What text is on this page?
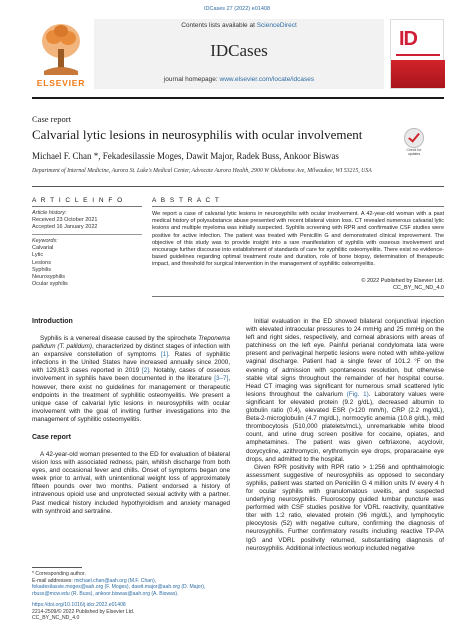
IDCases 27 (2022) e01408
ELSEVIER
Contents lists available at ScienceDirect
IDCases
journal homepage: www.elsevier.com/locate/idcases
ID
Case report
Calvarial lytic lesions in neurosyphilis with ocular involvement
Check for updates
Michael F. Chan *, Fekadesilassie Moges, Dawit Major, Radek Buss, Ankoor Biswas
Department of Internal Medicine, Aurora St. Luke's Medical Center, Advocate Aurora Health, 2900 W Oklahoma Ave, Milwaukee, WI 53215, USA
A R T I C L E I N F O	A B S T R A C T
Article history:
Received 23 October 2021
Accepted 16 January 2022
Keywords:
Calvarial
Lytic
Lesions
Syphilis
Neurosyphilis
Ocular syphilis
We report a case of calvarial lytic lesions in neurosyphilis with ocular involvement. A 42-year-old woman with a past medical history of polysubstance abuse presented with recent bilateral vision loss. CT revealed numerous calvarial lytic lesions and multiple myeloma was initially suspected. Syphilis screening with RPR and confirmative CSF studies were positive for active infection. The patient was treated with Penicillin G and demonstrated clinical improvement. The objective of this study was to provide insight into a rare manifestation of syphilis with osseous involvement and encourage further discourse into establishment of standards of care for syphilitic osteomyelitis. There exist no evidence-based guidelines regarding optimal treatment route and duration, role of bone biopsy, determination of therapeutic impact, and threshold for surgical intervention in the management of syphilitic osteomyelitis.
© 2022 Published by Elsevier Ltd.
CC_BY_NC_ND_4.0
Introduction

Syphilis is a venereal disease caused by the spirochete Treponema pallidum (T. pallidum), characterized by distinct stages of infection with an expansive constellation of symptoms [1]. Rates of syphilitic infections in the United States have increased annually since 2000, with 129,813 cases reported in 2019 [2]. Notably, cases of osseous involvement in syphilis have been documented in the literature [3–7], however, there exist no guidelines for management or therapeutic endpoints in the treatment of syphilitic osteomyelitis. We present a unique case of calvarial lytic lesions in neurosyphilis with ocular involvement with the goal of inviting further investigations into the management of syphilitic osteomyelitis.

Case report

A 42-year-old woman presented to the ED for evaluation of bilateral vision loss with associated redness, pain, whitish discharge from both eyes, and occasional fever and chills. Onset of symptoms began one week prior to arrival, with unintentional weight loss of approximately fifteen pounds over two months. Patient endorsed a history of intravenous opioid use and unprotected sexual activity with a partner. Past medical history included hypothyroidism and anxiety managed with synthroid and sertraline.

Initial evaluation in the ED showed bilateral conjunctival injection with elevated intraocular pressures to 24 mmHg and 25 mmHg on the left and right sides, respectively, and corneal abrasions with areas of patchiness on the left eye. Painful perianal condylomata lata were present and perivaginal herpetic lesions were noted with white-yellow vaginal discharge. Patient had a single fever of 101.2 °F on the evening of admission with spontaneous resolution, but otherwise stable vital signs throughout the remainder of her hospital course. Head CT imaging was significant for numerous small scattered lytic lesions throughout the calvarium (Fig. 1). Laboratory values were significant for elevated protein (9.2 g/dL), decreased albumin to globulin ratio (0.4), elevated ESR (>120 mm/h), CRP (2.2 mg/dL), Beta-2-microglobulin (4.7 mg/dL), normocytic anemia (10.8 g/dL), mild thrombocytosis (510,000 platelets/mcL), unremarkable white blood count, and urine drug screen positive for cocaine, opiates, and amphetamines. The patient was given ceftriaxone, acyclovir, doxycycline, azithromycin, erythromycin eye drops, proparacaine eye drops, and admitted to the hospital.

Given RPR positivity with RPR ratio > 1:256 and ophthalmologic assessment suggestive of neurosyphilis as opposed to secondary syphilis, patient was started on Penicillin G 4 million units IV every 4 h for ocular syphilis with granulomatous uveitis, and suspected underlying neurosyphilis. Fluoroscopy guided lumbar puncture was performed with CSF studies positive for VDRL reactivity, quantitative titer with 1:2 ratio, elevated protein (96 mg/dL), and lymphocytic pleocytosis (52) with negative culture, confirming the diagnosis of neurosyphilis. Further confirmatory results including reactive TP-PA IgG and VDRL positivity returned, substantiating diagnosis of neurosyphilis. Additional infectious workup included negative

* Corresponding author.
E-mail addresses: michael.chan@aah.org (M.F. Chan),
fekadesilassie.moges@aah.org (F. Moges), dawit.major@aah.org (D. Major),
rbuss@mcw.edu (R. Buss), ankoor.biswas@aah.org (A. Biswas).
https://doi.org/10.1016/j.idcr.2022.e01408
2214-2509/© 2022 Published by Elsevier Ltd.
CC_BY_NC_ND_4.0
